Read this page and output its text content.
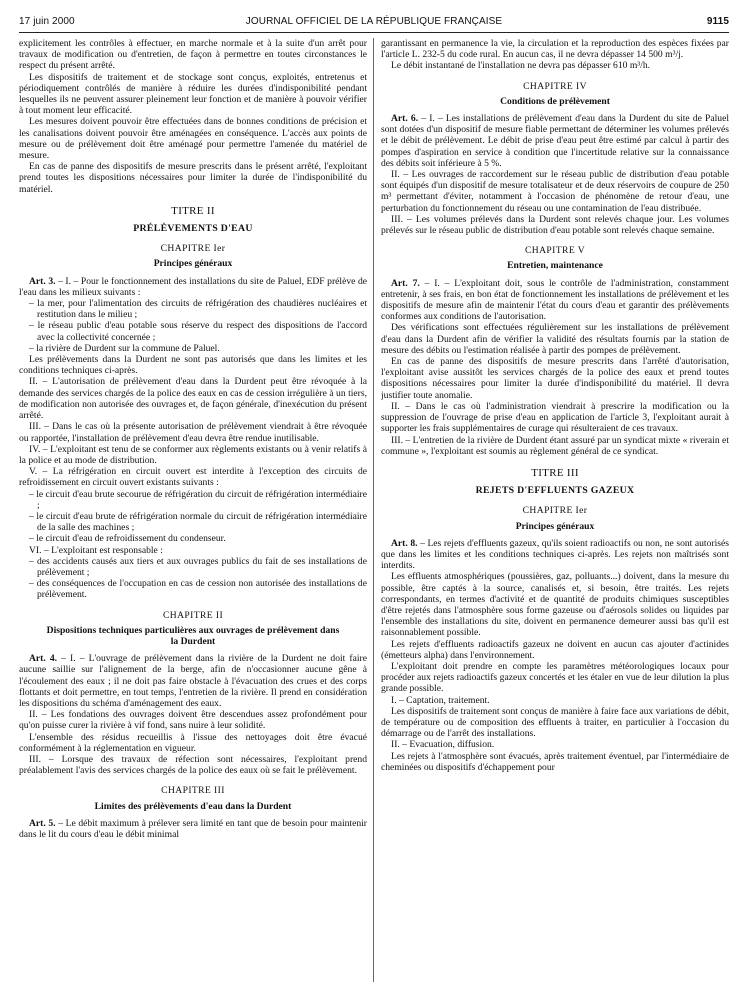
17 juin 2000	JOURNAL OFFICIEL DE LA RÉPUBLIQUE FRANÇAISE	9115

explicitement les contrôles à effectuer, en marche normale et à la suite d'un arrêt pour travaux de modification ou d'entretien, de façon à permettre en toutes circonstances le respect du présent arrêté.

Les dispositifs de traitement et de stockage sont conçus, exploités, entretenus et périodiquement contrôlés de manière à réduire les durées d'indisponibilité pendant lesquelles ils ne peuvent assurer pleinement leur fonction et de manière à pouvoir vérifier à tout moment leur efficacité.

Les mesures doivent pouvoir être effectuées dans de bonnes conditions de précision et les canalisations doivent pouvoir être aménagées en conséquence. L'accès aux points de mesure ou de prélèvement doit être aménagé pour permettre l'amenée du matériel de mesure.

En cas de panne des dispositifs de mesure prescrits dans le présent arrêté, l'exploitant prend toutes les dispositions nécessaires pour limiter la durée de l'indisponibilité du matériel.

TITRE II
PRÉLÈVEMENTS D'EAU
CHAPITRE Ier
Principes généraux

Art. 3. – I. – Pour le fonctionnement des installations du site de Paluel, EDF prélève de l'eau dans les milieux suivants :

– la mer, pour l'alimentation des circuits de réfrigération des chaudières nucléaires et restitution dans le milieu ;
– le réseau public d'eau potable sous réserve du respect des dispositions de l'accord avec la collectivité concernée ;
– la rivière de Durdent sur la commune de Paluel.

Les prélèvements dans la Durdent ne sont pas autorisés que dans les limites et les conditions techniques ci-après.

II. – L'autorisation de prélèvement d'eau dans la Durdent peut être révoquée à la demande des services chargés de la police des eaux en cas de cession irrégulière à un tiers, de modification non autorisée des ouvrages et, de façon générale, d'inexécution du présent arrêté.

III. – Dans le cas où la présente autorisation de prélèvement viendrait à être révoquée ou rapportée, l'installation de prélèvement d'eau devra être rendue inutilisable.

IV. – L'exploitant est tenu de se conformer aux règlements existants ou à venir relatifs à la police et au mode de distribution.

V. – La réfrigération en circuit ouvert est interdite à l'exception des circuits de refroidissement en circuit ouvert existants suivants :

– le circuit d'eau brute secourue de réfrigération du circuit de réfrigération intermédiaire ;
– le circuit d'eau brute de réfrigération normale du circuit de réfrigération intermédiaire de la salle des machines ;
– le circuit d'eau de refroidissement du condenseur.

VI. – L'exploitant est responsable :

– des accidents causés aux tiers et aux ouvrages publics du fait de ses installations de prélèvement ;
– des conséquences de l'occupation en cas de cession non autorisée des installations de prélèvement.
CHAPITRE II
Dispositions techniques particulières aux ouvrages de prélèvement dans la Durdent

Art. 4. – I. – L'ouvrage de prélèvement dans la rivière de la Durdent ne doit faire aucune saillie sur l'alignement de la berge, afin de n'occasionner aucune gêne à l'écoulement des eaux ; il ne doit pas faire obstacle à l'évacuation des crues et des corps flottants et doit permettre, en tout temps, l'entretien de la rivière. Il prend en considération les dispositions du schéma d'aménagement des eaux.

II. – Les fondations des ouvrages doivent être descendues assez profondément pour qu'on puisse curer la rivière à vif fond, sans nuire à leur solidité.

L'ensemble des résidus recueillis à l'issue des nettoyages doit être évacué conformément à la réglementation en vigueur.

III. – Lorsque des travaux de réfection sont nécessaires, l'exploitant prend préalablement l'avis des services chargés de la police des eaux où se fait le prélèvement.

CHAPITRE III
Limites des prélèvements d'eau dans la Durdent

Art. 5. – Le débit maximum à prélever sera limité en tant que de besoin pour maintenir dans le lit du cours d'eau le débit minimal

garantissant en permanence la vie, la circulation et la reproduction des espèces fixées par l'article L. 232-5 du code rural. En aucun cas, il ne devra dépasser 14 500 m³/j.

Le débit instantané de l'installation ne devra pas dépasser 610 m³/h.

CHAPITRE IV
Conditions de prélèvement

Art. 6. – I. – Les installations de prélèvement d'eau dans la Durdent du site de Paluel sont dotées d'un dispositif de mesure fiable permettant de déterminer les volumes prélevés et le débit de prélèvement. Le débit de prise d'eau peut être estimé par calcul à partir des pompes d'aspiration en service à condition que l'incertitude relative sur la connaissance des débits soit inférieure à 5 %.

II. – Les ouvrages de raccordement sur le réseau public de distribution d'eau potable sont équipés d'un dispositif de mesure totalisateur et de deux réservoirs de coupure de 250 m³ permettant d'éviter, notamment à l'occasion de phénomène de retour d'eau, une perturbation du fonctionnement du réseau ou une contamination de l'eau distribuée.

III. – Les volumes prélevés dans la Durdent sont relevés chaque jour. Les volumes prélevés sur le réseau public de distribution d'eau potable sont relevés chaque semaine.

CHAPITRE V
Entretien, maintenance

Art. 7. – I. – L'exploitant doit, sous le contrôle de l'administration, constamment entretenir, à ses frais, en bon état de fonctionnement les installations de prélèvement et les dispositifs de mesure afin de maintenir l'état du cours d'eau et garantir des prélèvements conformes aux conditions de l'autorisation.

Des vérifications sont effectuées régulièrement sur les installations de prélèvement d'eau dans la Durdent afin de vérifier la validité des résultats fournis par la station de mesure des débits ou l'estimation réalisée à partir des pompes de prélèvement.

En cas de panne des dispositifs de mesure prescrits dans l'arrêté d'autorisation, l'exploitant avise aussitôt les services chargés de la police des eaux et prend toutes dispositions nécessaires pour limiter la durée d'indisponibilité du matériel. Il devra justifier toute anomalie.

II. – Dans le cas où l'administration viendrait à prescrire la modification ou la suppression de l'ouvrage de prise d'eau en application de l'article 3, l'exploitant aurait à supporter les frais supplémentaires de curage qui résulteraient de ces travaux.

III. – L'entretien de la rivière de Durdent étant assuré par un syndicat mixte « riverain et commune », l'exploitant est soumis au règlement général de ce syndicat.

TITRE III
REJETS D'EFFLUENTS GAZEUX
CHAPITRE Ier
Principes généraux

Art. 8. – Les rejets d'effluents gazeux, qu'ils soient radioactifs ou non, ne sont autorisés que dans les limites et les conditions techniques ci-après. Les rejets non maîtrisés sont interdits.

Les effluents atmosphériques (poussières, gaz, polluants...) doivent, dans la mesure du possible, être captés à la source, canalisés et, si besoin, être traités. Les rejets correspondants, en termes d'activité et de quantité de produits chimiques susceptibles d'être rejetés dans l'atmosphère sous forme gazeuse ou d'aérosols solides ou liquides par l'ensemble des installations du site, doivent en permanence demeurer aussi bas qu'il est raisonnablement possible.

Les rejets d'effluents radioactifs gazeux ne doivent en aucun cas ajouter d'actinides (émetteurs alpha) dans l'environnement.

L'exploitant doit prendre en compte les paramètres météorologiques locaux pour procéder aux rejets radioactifs gazeux concertés et les étaler en vue de leur dilution la plus grande possible.

I. – Captation, traitement.

Les dispositifs de traitement sont conçus de manière à faire face aux variations de débit, de température ou de composition des effluents à traiter, en particulier à l'occasion du démarrage ou de l'arrêt des installations.

II. – Evacuation, diffusion.

Les rejets à l'atmosphère sont évacués, après traitement éventuel, par l'intermédiaire de cheminées ou dispositifs d'échappement pour
